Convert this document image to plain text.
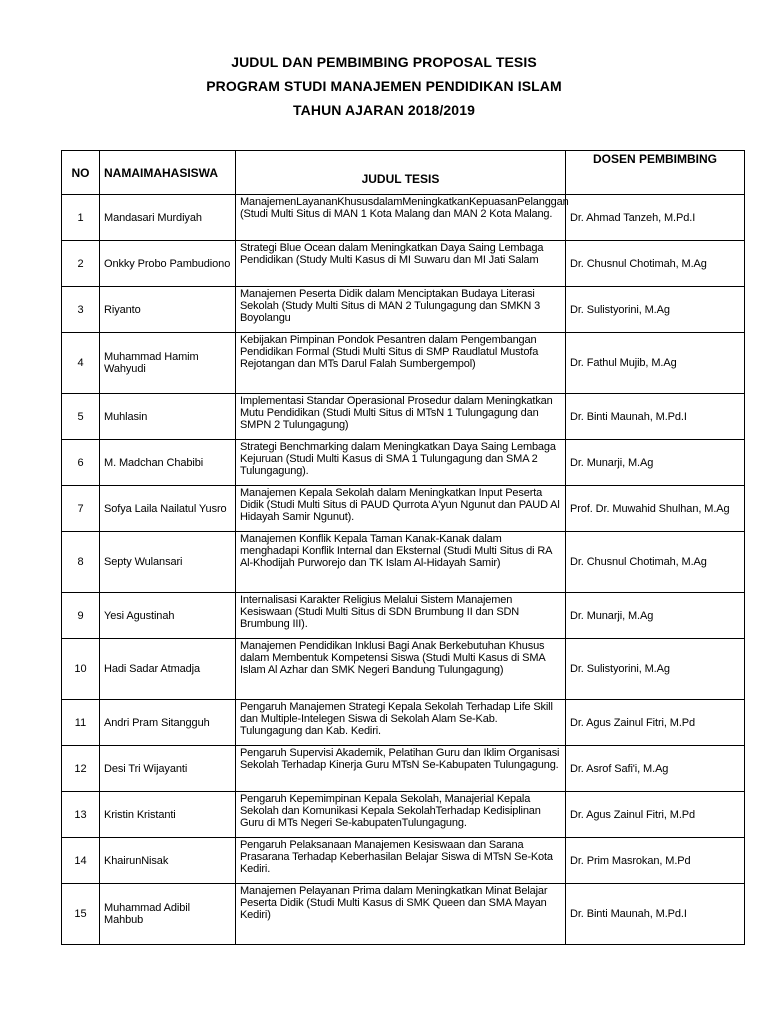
JUDUL DAN PEMBIMBING PROPOSAL TESIS
PROGRAM STUDI MANAJEMEN PENDIDIKAN ISLAM
TAHUN AJARAN 2018/2019
NO	NAMAIMAHASISWA	JUDUL TESIS	DOSEN PEMBIMBING
1	Mandasari Murdiyah	ManajemenLayananKhususdalamMeningkatkanKepuasanPelanggan (Studi Multi Situs di MAN 1 Kota Malang dan MAN 2 Kota Malang.	Dr. Ahmad Tanzeh, M.Pd.I
2	Onkky Probo Pambudiono	Strategi Blue Ocean dalam Meningkatkan Daya Saing Lembaga Pendidikan (Study Multi Kasus di MI Suwaru dan MI Jati Salam	Dr. Chusnul Chotimah, M.Ag
3	Riyanto	Manajemen Peserta Didik dalam Menciptakan Budaya Literasi Sekolah (Study Multi Situs di MAN 2 Tulungagung dan SMKN 3 Boyolangu	Dr. Sulistyorini, M.Ag
4	Muhammad Hamim Wahyudi	Kebijakan Pimpinan Pondok Pesantren dalam Pengembangan Pendidikan Formal (Studi Multi Situs di SMP Raudlatul Mustofa Rejotangan dan MTs Darul Falah Sumbergempol)	Dr. Fathul Mujib, M.Ag
5	Muhlasin	Implementasi Standar Operasional Prosedur dalam Meningkatkan Mutu Pendidikan (Studi Multi Situs di MTsN 1 Tulungagung dan SMPN 2 Tulungagung)	Dr. Binti Maunah, M.Pd.I
6	M. Madchan Chabibi	Strategi Benchmarking dalam Meningkatkan Daya Saing Lembaga Kejuruan (Studi Multi Kasus di SMA 1 Tulungagung dan SMA 2 Tulungagung).	Dr. Munarji, M.Ag
7	Sofya Laila Nailatul Yusro	Manajemen Kepala Sekolah dalam Meningkatkan Input Peserta Didik (Studi Multi Situs di PAUD Qurrota A'yun Ngunut dan PAUD Al Hidayah Samir Ngunut).	Prof. Dr. Muwahid Shulhan, M.Ag
8	Septy Wulansari	Manajemen Konflik Kepala Taman Kanak-Kanak dalam menghadapi Konflik Internal dan Eksternal (Studi Multi Situs di RA Al-Khodijah Purworejo dan TK Islam Al-Hidayah Samir)	Dr. Chusnul Chotimah, M.Ag
9	Yesi Agustinah	Internalisasi Karakter Religius Melalui Sistem Manajemen Kesiswaan (Studi Multi Situs di SDN Brumbung II dan SDN Brumbung III).	Dr. Munarji, M.Ag
10	Hadi Sadar Atmadja	Manajemen Pendidikan Inklusi Bagi Anak Berkebutuhan Khusus dalam Membentuk Kompetensi Siswa (Studi Multi Kasus di SMA Islam Al Azhar dan SMK Negeri Bandung Tulungagung)	Dr. Sulistyorini, M.Ag
11	Andri Pram Sitangguh	Pengaruh Manajemen Strategi Kepala Sekolah Terhadap Life Skill dan Multiple-Intelegen Siswa di Sekolah Alam Se-Kab. Tulungagung dan Kab. Kediri.	Dr. Agus Zainul Fitri, M.Pd
12	Desi Tri Wijayanti	Pengaruh Supervisi Akademik, Pelatihan Guru dan Iklim Organisasi Sekolah Terhadap Kinerja Guru MTsN Se-Kabupaten Tulungagung.	Dr. Asrof Safi'i, M.Ag
13	Kristin Kristanti	Pengaruh Kepemimpinan Kepala Sekolah, Manajerial Kepala Sekolah dan Komunikasi Kepala SekolahTerhadap Kedisiplinan Guru di MTs Negeri Se-kabupatenTulungagung.	Dr. Agus Zainul Fitri, M.Pd
14	KhairunNisak	Pengaruh Pelaksanaan Manajemen Kesiswaan dan Sarana Prasarana Terhadap Keberhasilan Belajar Siswa di MTsN Se-Kota Kediri.	Dr. Prim Masrokan, M.Pd
15	Muhammad Adibil Mahbub	Manajemen Pelayanan Prima dalam Meningkatkan Minat Belajar Peserta Didik (Studi Multi Kasus di SMK Queen dan SMA Mayan Kediri)	Dr. Binti Maunah, M.Pd.I
